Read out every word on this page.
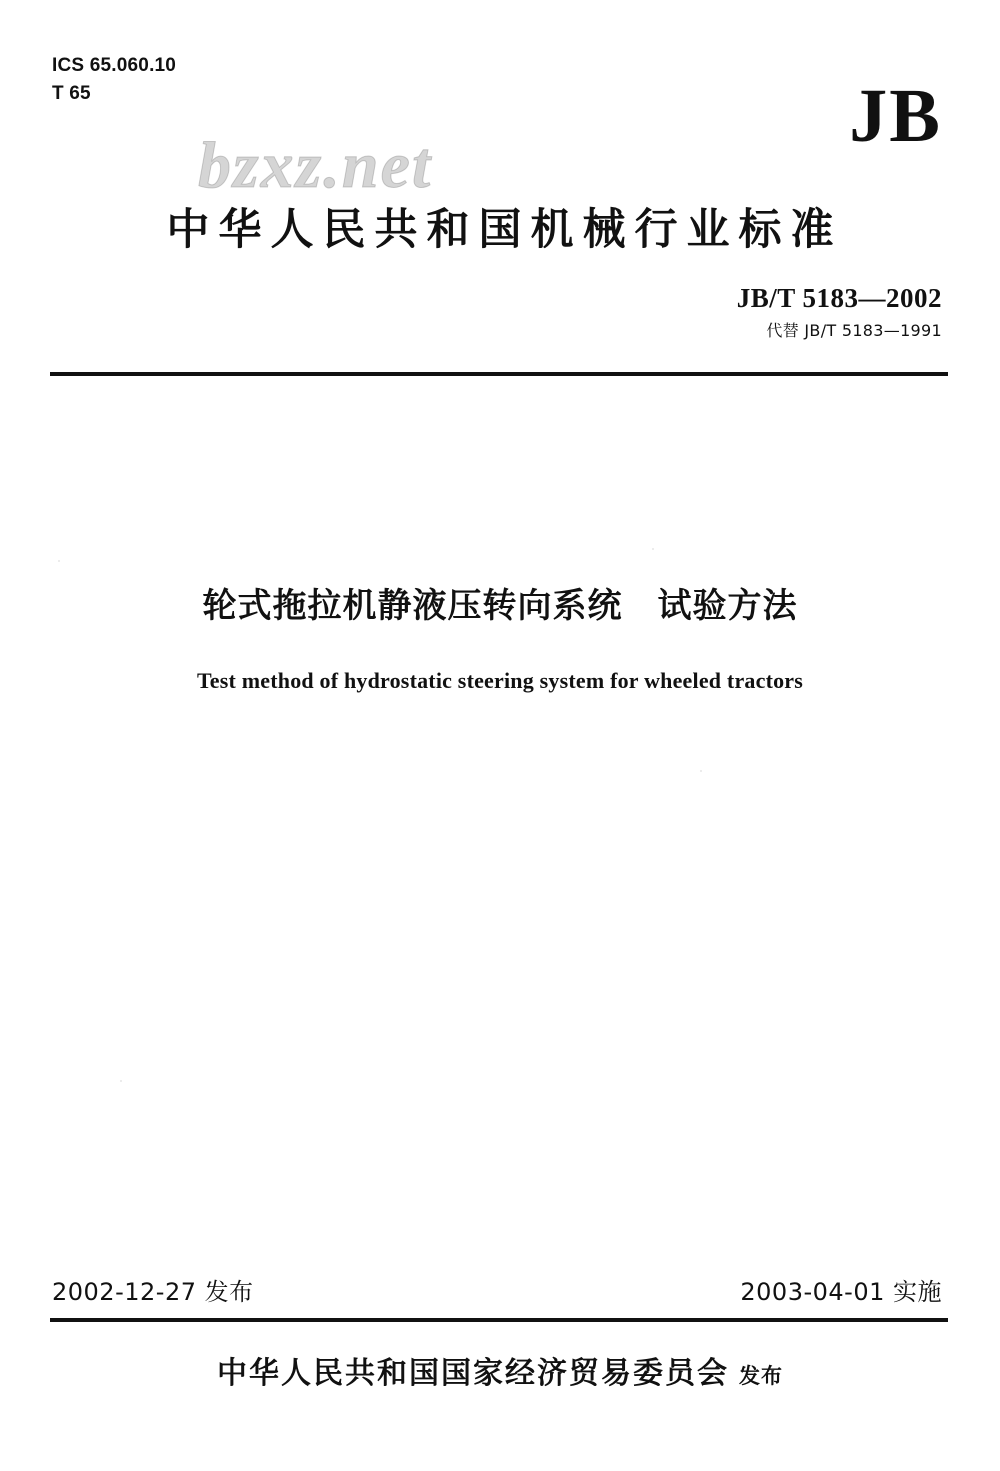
ICS 65.060.10
T 65	JB
bzxz.net
中华人民共和国机械行业标准
JB/T 5183—2002
代替 JB/T 5183—1991
轮式拖拉机静液压转向系统　试验方法
Test method of hydrostatic steering system for wheeled tractors
2002-12-27 发布	2003-04-01 实施
中华人民共和国国家经济贸易委员会 发布
